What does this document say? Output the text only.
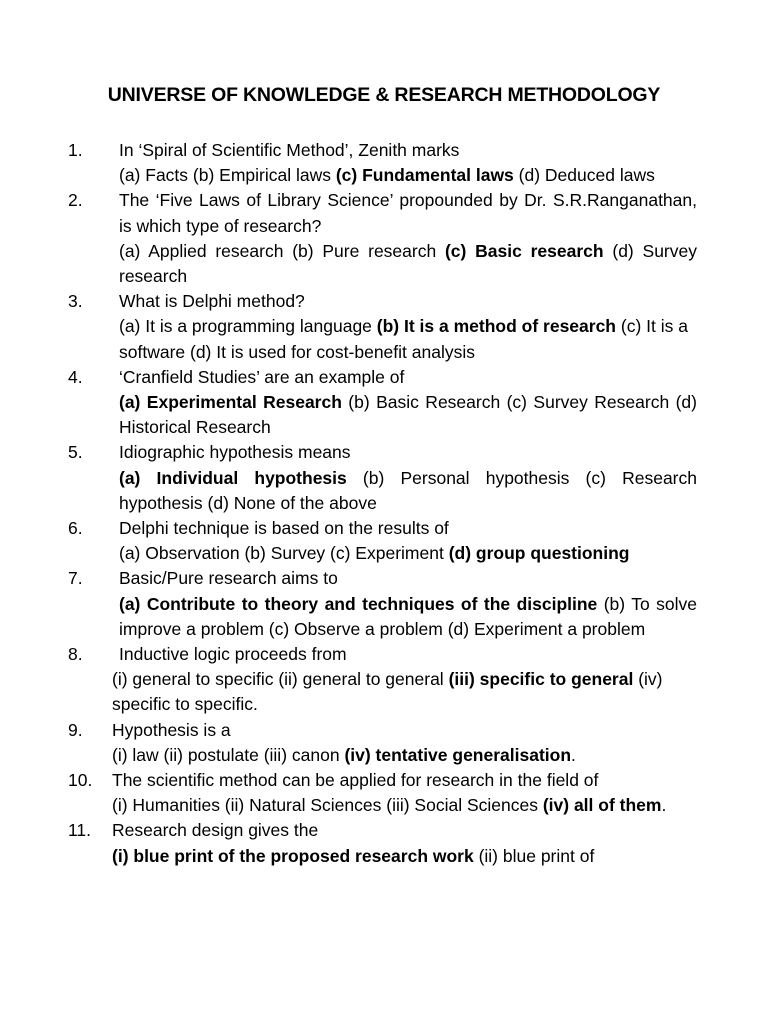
UNIVERSE OF KNOWLEDGE & RESEARCH METHODOLOGY
1. In ‘Spiral of Scientific Method’, Zenith marks
(a) Facts (b) Empirical laws (c) Fundamental laws (d) Deduced laws
2. The ‘Five Laws of Library Science’ propounded by Dr. S.R.Ranganathan, is which type of research?
(a) Applied research (b) Pure research (c) Basic research (d) Survey research
3. What is Delphi method?
(a) It is a programming language (b) It is a method of research (c) It is a software (d) It is used for cost-benefit analysis
4. ‘Cranfield Studies’ are an example of
(a) Experimental Research (b) Basic Research (c) Survey Research (d) Historical Research
5. Idiographic hypothesis means
(a) Individual hypothesis (b) Personal hypothesis (c) Research hypothesis (d) None of the above
6. Delphi technique is based on the results of
(a) Observation (b) Survey (c) Experiment (d) group questioning
7. Basic/Pure research aims to
(a) Contribute to theory and techniques of the discipline (b) To solve improve a problem (c) Observe a problem (d) Experiment a problem
8. Inductive logic proceeds from
(i) general to specific (ii) general to general (iii) specific to general (iv) specific to specific.
9. Hypothesis is a
(i) law (ii) postulate (iii) canon (iv) tentative generalisation.
10. The scientific method can be applied for research in the field of
(i) Humanities (ii) Natural Sciences (iii) Social Sciences (iv) all of them.
11. Research design gives the
(i) blue print of the proposed research work (ii) blue print of
